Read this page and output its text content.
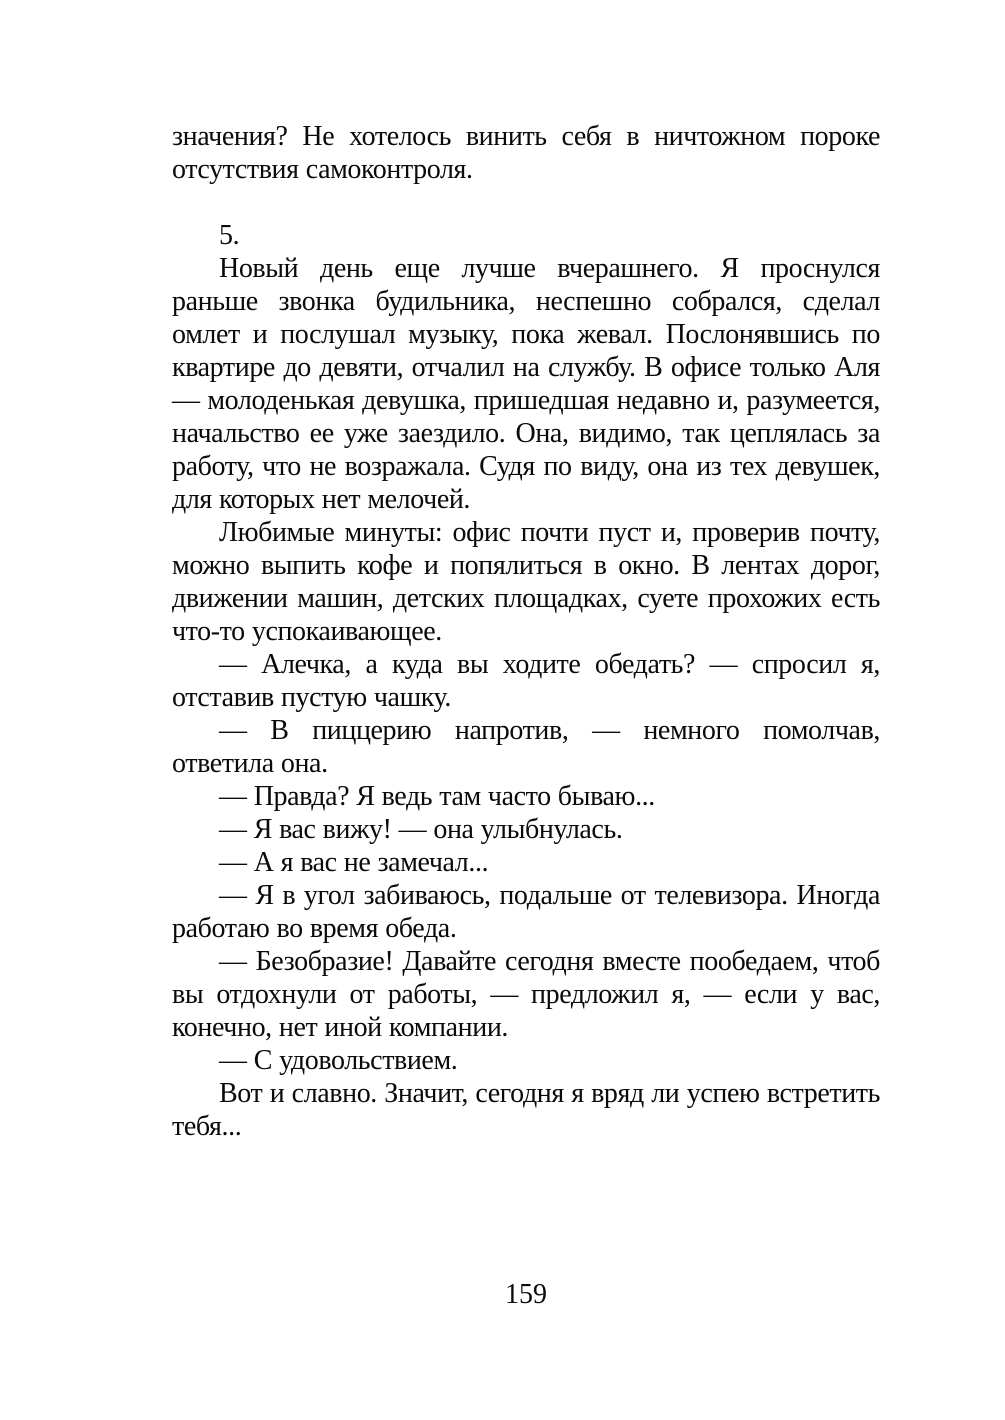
значения? Не хотелось винить себя в ничтожном пороке отсутствия самоконтроля.

5.

Новый день еще лучше вчерашнего. Я проснулся раньше звонка будильника, неспешно собрался, сделал омлет и послушал музыку, пока жевал. Послонявшись по квартире до девяти, отчалил на службу. В офисе только Аля — молоденькая девушка, пришедшая недавно и, разумеется, начальство ее уже заездило. Она, видимо, так цеплялась за работу, что не возражала. Судя по виду, она из тех девушек, для которых нет мелочей.

Любимые минуты: офис почти пуст и, проверив почту, можно выпить кофе и попялиться в окно. В лентах дорог, движении машин, детских площадках, суете прохожих есть что-то успокаивающее.

— Алечка, а куда вы ходите обедать? — спросил я, отставив пустую чашку.

— В пиццерию напротив, — немного помолчав, ответила она.

— Правда? Я ведь там часто бываю...

— Я вас вижу! — она улыбнулась.

— А я вас не замечал...

— Я в угол забиваюсь, подальше от телевизора. Иногда работаю во время обеда.

— Безобразие! Давайте сегодня вместе пообедаем, чтоб вы отдохнули от работы, — предложил я, — если у вас, конечно, нет иной компании.

— С удовольствием.

Вот и славно. Значит, сегодня я вряд ли успею встретить тебя...

159
